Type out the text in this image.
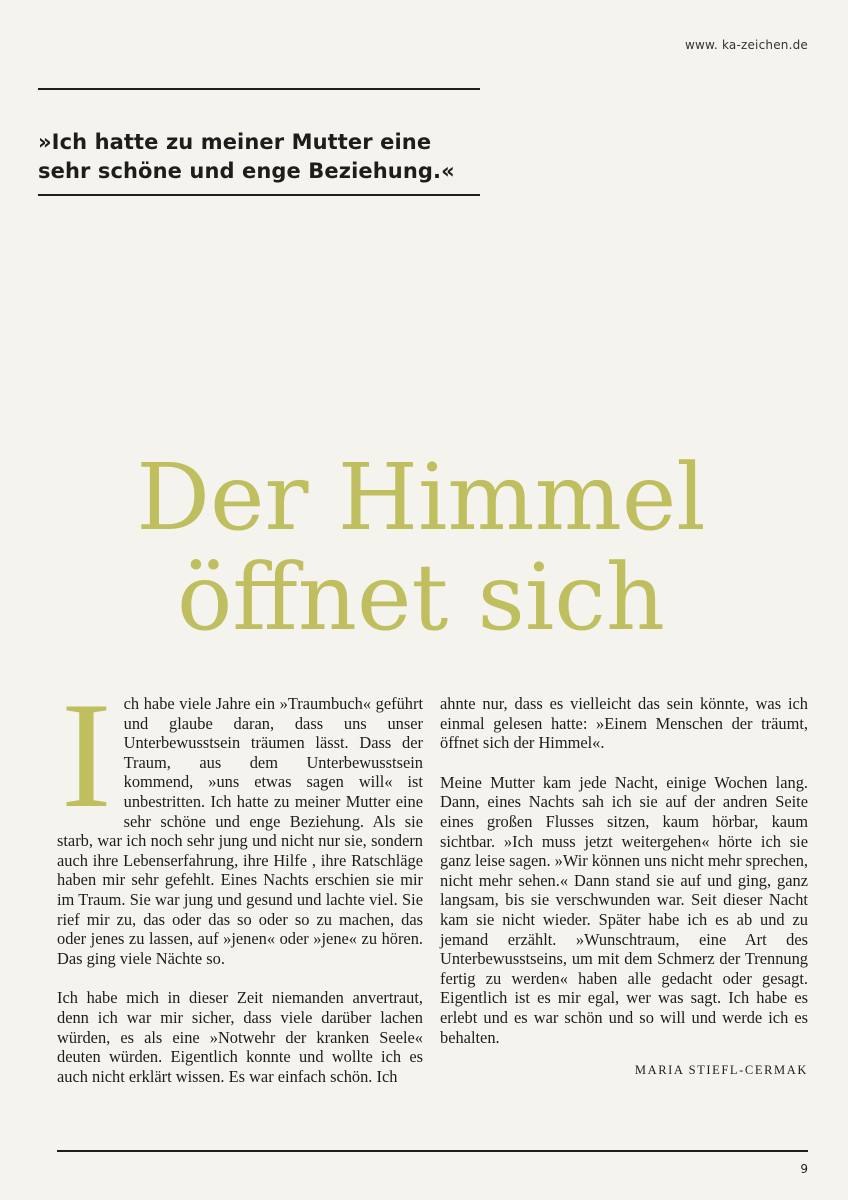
www. ka-zeichen.de
»Ich hatte zu meiner Mutter eine
sehr schöne und enge Beziehung.«
Der Himmel
öffnet sich

Ich habe viele Jahre ein »Traumbuch« geführt und glaube daran, dass uns unser Unterbewusstsein träumen lässt. Dass der Traum, aus dem Unterbewusstsein kommend, »uns etwas sagen will« ist unbestritten. Ich hatte zu meiner Mutter eine sehr schöne und enge Beziehung. Als sie starb, war ich noch sehr jung und nicht nur sie, sondern auch ihre Lebenserfahrung, ihre Hilfe , ihre Ratschläge haben mir sehr gefehlt. Eines Nachts erschien sie mir im Traum. Sie war jung und gesund und lachte viel. Sie rief mir zu, das oder das so oder so zu machen, das oder jenes zu lassen, auf »jenen« oder »jene« zu hören. Das ging viele Nächte so.

Ich habe mich in dieser Zeit niemanden anvertraut, denn ich war mir sicher, dass viele darüber lachen würden, es als eine »Notwehr der kranken Seele« deuten würden. Eigentlich konnte und wollte ich es auch nicht erklärt wissen. Es war einfach schön. Ich

ahnte nur, dass es vielleicht das sein könnte, was ich einmal gelesen hatte: »Einem Menschen der träumt, öffnet sich der Himmel«.

Meine Mutter kam jede Nacht, einige Wochen lang. Dann, eines Nachts sah ich sie auf der andren Seite eines großen Flusses sitzen, kaum hörbar, kaum sichtbar. »Ich muss jetzt weitergehen« hörte ich sie ganz leise sagen. »Wir können uns nicht mehr sprechen, nicht mehr sehen.« Dann stand sie auf und ging, ganz langsam, bis sie verschwunden war. Seit dieser Nacht kam sie nicht wieder. Später habe ich es ab und zu jemand erzählt. »Wunschtraum, eine Art des Unterbewusstseins, um mit dem Schmerz der Trennung fertig zu werden« haben alle gedacht oder gesagt. Eigentlich ist es mir egal, wer was sagt. Ich habe es erlebt und es war schön und so will und werde ich es behalten.

MARIA STIEFL-CERMAK
9
